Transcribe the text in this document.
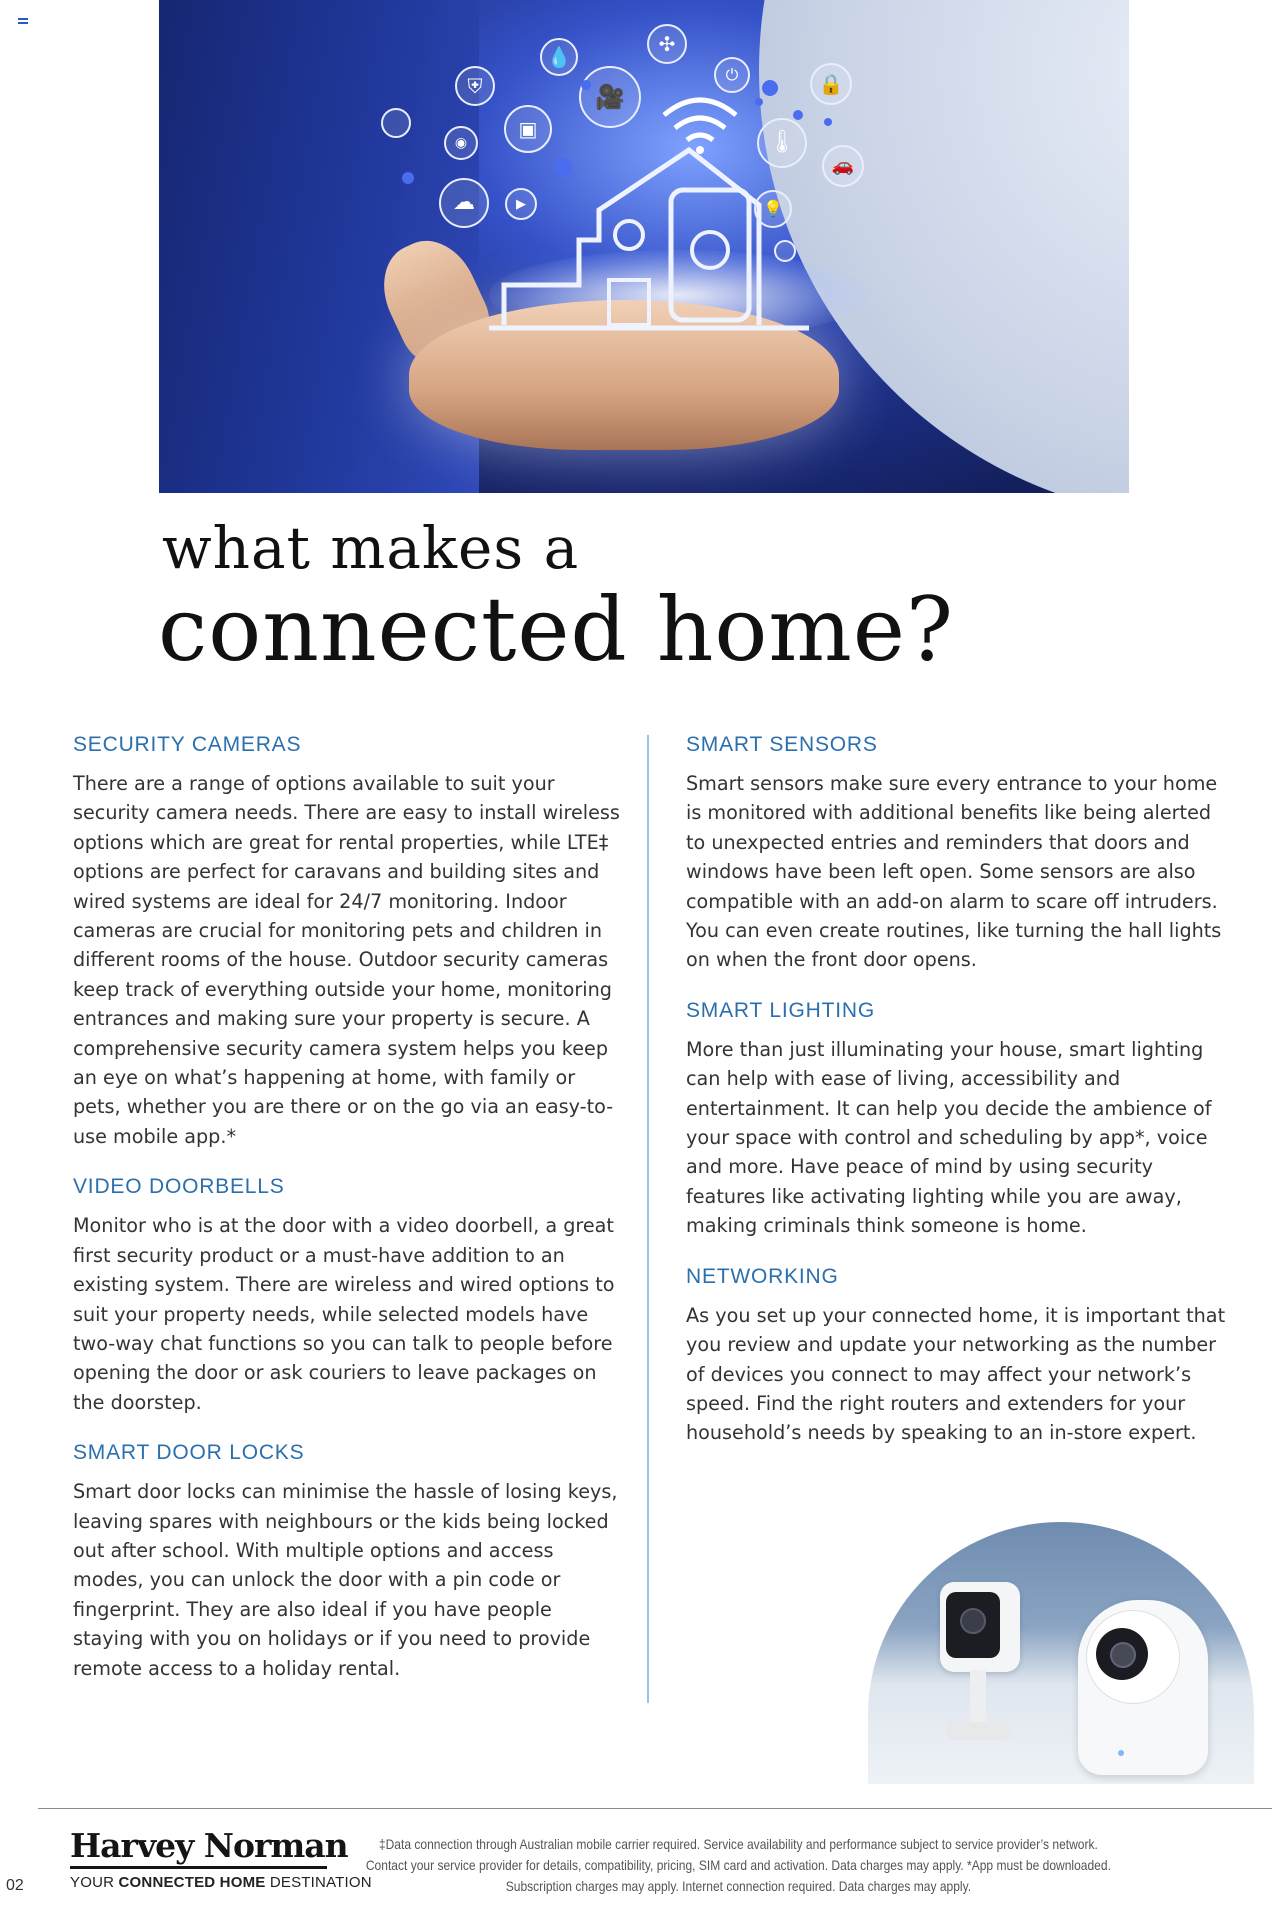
⛨
💧
✣
⏻	🔒
🎥
▣
◉	🌡
🚗
☁	▶	💡
what makes a
connected home?
SECURITY CAMERAS

There are a range of options available to suit your security camera needs. There are easy to install wireless options which are great for rental properties, while LTE‡ options are perfect for caravans and building sites and wired systems are ideal for 24/7 monitoring. Indoor cameras are crucial for monitoring pets and children in different rooms of the house. Outdoor security cameras keep track of everything outside your home, monitoring entrances and making sure your property is secure. A comprehensive security camera system helps you keep an eye on what’s happening at home, with family or pets, whether you are there or on the go via an easy-to-use mobile app.*

VIDEO DOORBELLS

Monitor who is at the door with a video doorbell, a great first security product or a must-have addition to an existing system. There are wireless and wired options to suit your property needs, while selected models have two-way chat functions so you can talk to people before opening the door or ask couriers to leave packages on the doorstep.

SMART DOOR LOCKS

Smart door locks can minimise the hassle of losing keys, leaving spares with neighbours or the kids being locked out after school. With multiple options and access modes, you can unlock the door with a pin code or fingerprint. They are also ideal if you have people staying with you on holidays or if you need to provide remote access to a holiday rental.

SMART SENSORS

Smart sensors make sure every entrance to your home is monitored with additional benefits like being alerted to unexpected entries and reminders that doors and windows have been left open. Some sensors are also compatible with an add-on alarm to scare off intruders. You can even create routines, like turning the hall lights on when the front door opens.

SMART LIGHTING

More than just illuminating your house, smart lighting can help with ease of living, accessibility and entertainment. It can help you decide the ambience of your space with control and scheduling by app*, voice and more. Have peace of mind by using security features like activating lighting while you are away, making criminals think someone is home.

NETWORKING

As you set up your connected home, it is important that you review and update your networking as the number of devices you connect to may affect your network’s speed. Find the right routers and extenders for your household’s needs by speaking to an in-store expert.

Harvey Norman
YOUR CONNECTED HOME DESTINATION
‡Data connection through Australian mobile carrier required. Service availability and performance subject to service provider’s network.
Contact your service provider for details, compatibility, pricing, SIM card and activation. Data charges may apply. *App must be downloaded.
Subscription charges may apply. Internet connection required. Data charges may apply.
02
